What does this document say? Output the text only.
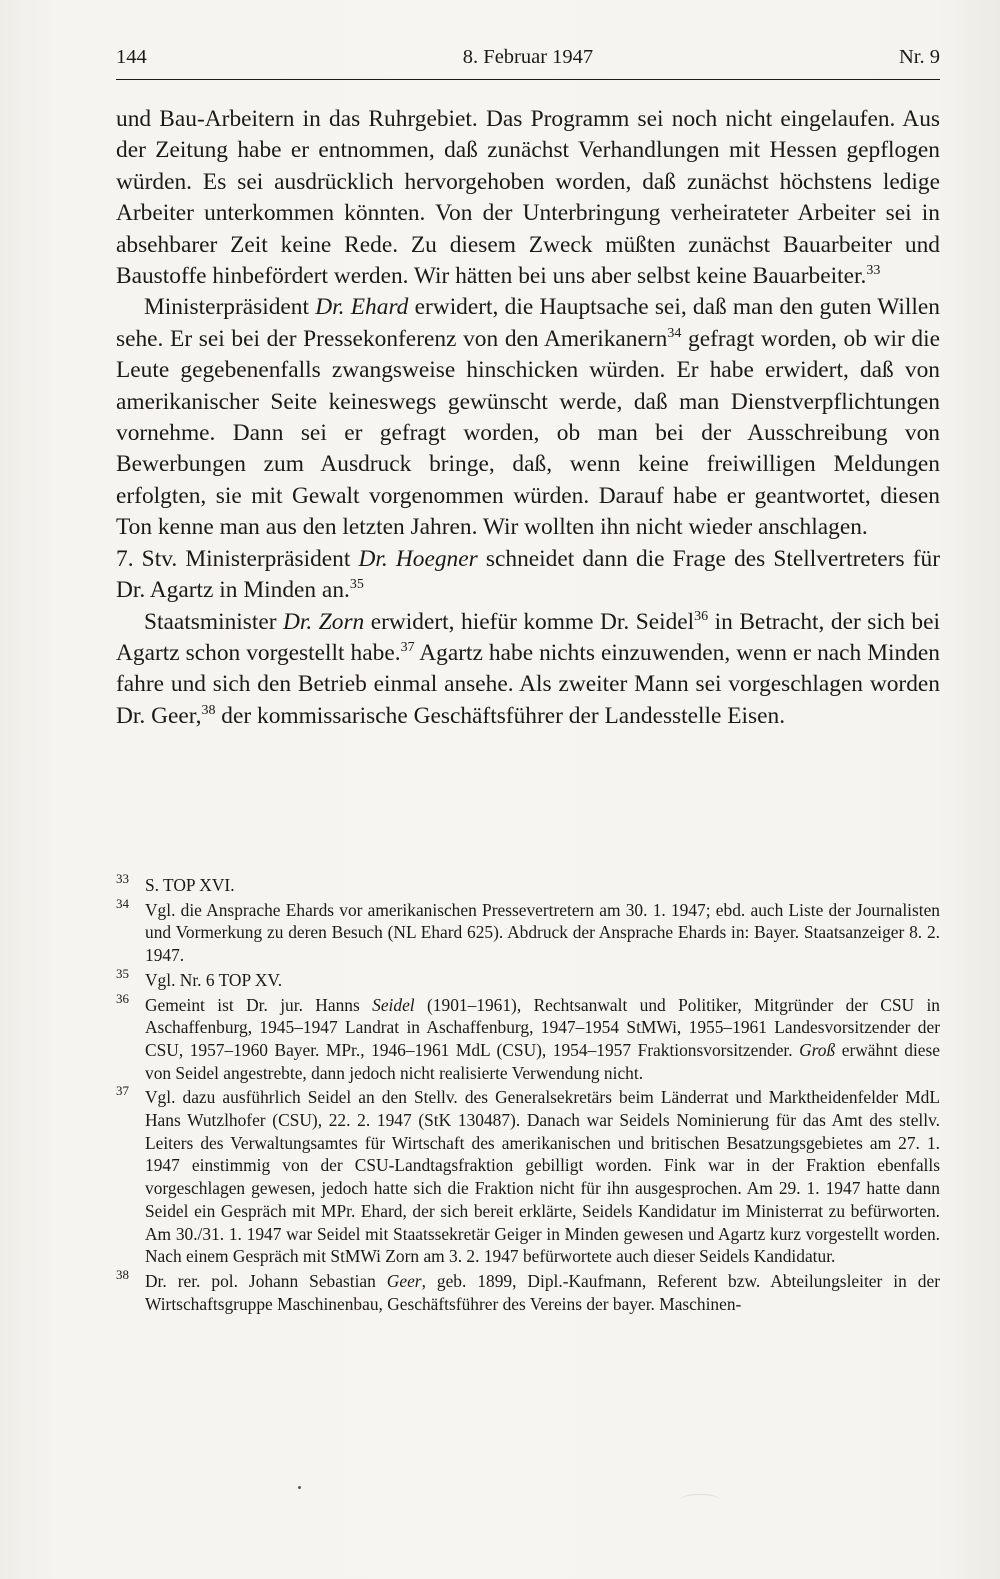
144	8. Februar 1947	Nr. 9

und Bau-Arbeitern in das Ruhrgebiet. Das Programm sei noch nicht eingelaufen. Aus der Zeitung habe er entnommen, daß zunächst Verhandlungen mit Hessen gepflogen würden. Es sei ausdrücklich hervorgehoben worden, daß zunächst höchstens ledige Arbeiter unterkommen könnten. Von der Unterbringung verheirateter Arbeiter sei in absehbarer Zeit keine Rede. Zu diesem Zweck müßten zunächst Bauarbeiter und Baustoffe hinbefördert werden. Wir hätten bei uns aber selbst keine Bauarbeiter.$^{33}$

Ministerpräsident Dr. Ehard erwidert, die Hauptsache sei, daß man den guten Willen sehe. Er sei bei der Pressekonferenz von den Amerikanern$^{34}$ gefragt worden, ob wir die Leute gegebenenfalls zwangsweise hinschicken würden. Er habe erwidert, daß von amerikanischer Seite keineswegs gewünscht werde, daß man Dienstverpflichtungen vornehme. Dann sei er gefragt worden, ob man bei der Ausschreibung von Bewerbungen zum Ausdruck bringe, daß, wenn keine freiwilligen Meldungen erfolgten, sie mit Gewalt vorgenommen würden. Darauf habe er geantwortet, diesen Ton kenne man aus den letzten Jahren. Wir wollten ihn nicht wieder anschlagen.

7. Stv. Ministerpräsident Dr. Hoegner schneidet dann die Frage des Stellvertreters für Dr. Agartz in Minden an.$^{35}$

Staatsminister Dr. Zorn erwidert, hiefür komme Dr. Seidel$^{36}$ in Betracht, der sich bei Agartz schon vorgestellt habe.$^{37}$ Agartz habe nichts einzuwenden, wenn er nach Minden fahre und sich den Betrieb einmal ansehe. Als zweiter Mann sei vorgeschlagen worden Dr. Geer,$^{38}$ der kommissarische Geschäftsführer der Landesstelle Eisen.

33 S. TOP XVI.
34 Vgl. die Ansprache Ehards vor amerikanischen Pressevertretern am 30. 1. 1947; ebd. auch Liste der Journalisten und Vormerkung zu deren Besuch (NL Ehard 625). Abdruck der Ansprache Ehards in: Bayer. Staatsanzeiger 8. 2. 1947.
35 Vgl. Nr. 6 TOP XV.
36 Gemeint ist Dr. jur. Hanns Seidel (1901–1961), Rechtsanwalt und Politiker, Mitgründer der CSU in Aschaffenburg, 1945–1947 Landrat in Aschaffenburg, 1947–1954 StMWi, 1955–1961 Landesvorsitzender der CSU, 1957–1960 Bayer. MPr., 1946–1961 MdL (CSU), 1954–1957 Fraktionsvorsitzender. Groß erwähnt diese von Seidel angestrebte, dann jedoch nicht realisierte Verwendung nicht.
37 Vgl. dazu ausführlich Seidel an den Stellv. des Generalsekretärs beim Länderrat und Marktheidenfelder MdL Hans Wutzlhofer (CSU), 22. 2. 1947 (StK 130487). Danach war Seidels Nominierung für das Amt des stellv. Leiters des Verwaltungsamtes für Wirtschaft des amerikanischen und britischen Besatzungsgebietes am 27. 1. 1947 einstimmig von der CSU-Landtagsfraktion gebilligt worden. Fink war in der Fraktion ebenfalls vorgeschlagen gewesen, jedoch hatte sich die Fraktion nicht für ihn ausgesprochen. Am 29. 1. 1947 hatte dann Seidel ein Gespräch mit MPr. Ehard, der sich bereit erklärte, Seidels Kandidatur im Ministerrat zu befürworten. Am 30./31. 1. 1947 war Seidel mit Staatssekretär Geiger in Minden gewesen und Agartz kurz vorgestellt worden. Nach einem Gespräch mit StMWi Zorn am 3. 2. 1947 befürwortete auch dieser Seidels Kandidatur.
38 Dr. rer. pol. Johann Sebastian Geer, geb. 1899, Dipl.-Kaufmann, Referent bzw. Abteilungsleiter in der Wirtschaftsgruppe Maschinenbau, Geschäftsführer des Vereins der bayer. Maschinen-
